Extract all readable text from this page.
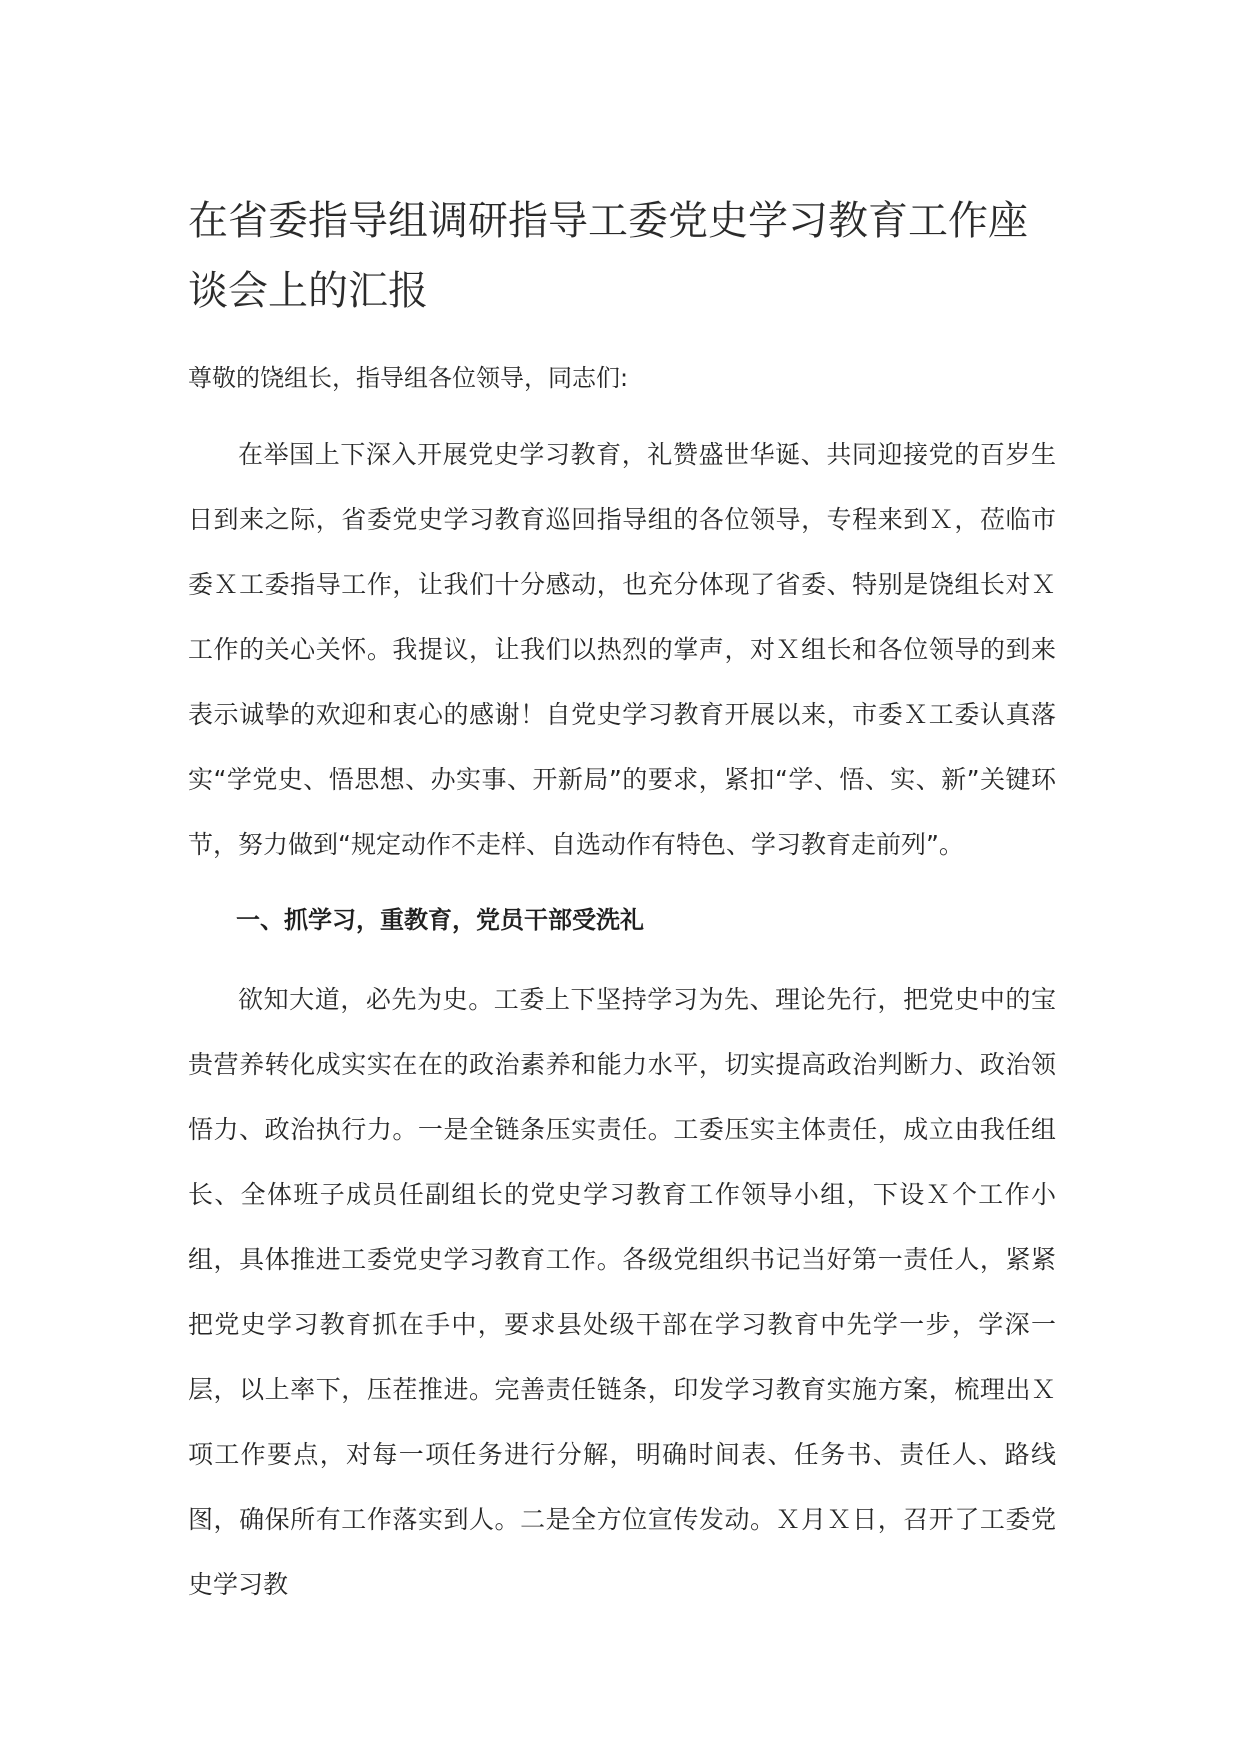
在省委指导组调研指导工委党史学习教育工作座谈会上的汇报

尊敬的饶组长，指导组各位领导，同志们:

在举国上下深入开展党史学习教育，礼赞盛世华诞、共同迎接党的百岁生日到来之际，省委党史学习教育巡回指导组的各位领导，专程来到Ｘ，莅临市委Ｘ工委指导工作，让我们十分感动，也充分体现了省委、特别是饶组长对Ｘ工作的关心关怀。我提议，让我们以热烈的掌声，对Ｘ组长和各位领导的到来表示诚挚的欢迎和衷心的感谢！自党史学习教育开展以来，市委Ｘ工委认真落实“学党史、悟思想、办实事、开新局”的要求，紧扣“学、悟、实、新”关键环节，努力做到“规定动作不走样、自选动作有特色、学习教育走前列”。

一、抓学习，重教育，党员干部受洗礼

欲知大道，必先为史。工委上下坚持学习为先、理论先行，把党史中的宝贵营养转化成实实在在的政治素养和能力水平，切实提高政治判断力、政治领悟力、政治执行力。一是全链条压实责任。工委压实主体责任，成立由我任组长、全体班子成员任副组长的党史学习教育工作领导小组，下设Ｘ个工作小组，具体推进工委党史学习教育工作。各级党组织书记当好第一责任人，紧紧把党史学习教育抓在手中，要求县处级干部在学习教育中先学一步，学深一层，以上率下，压茬推进。完善责任链条，印发学习教育实施方案，梳理出Ｘ项工作要点，对每一项任务进行分解，明确时间表、任务书、责任人、路线图，确保所有工作落实到人。二是全方位宣传发动。Ｘ月Ｘ日，召开了工委党史学习教
